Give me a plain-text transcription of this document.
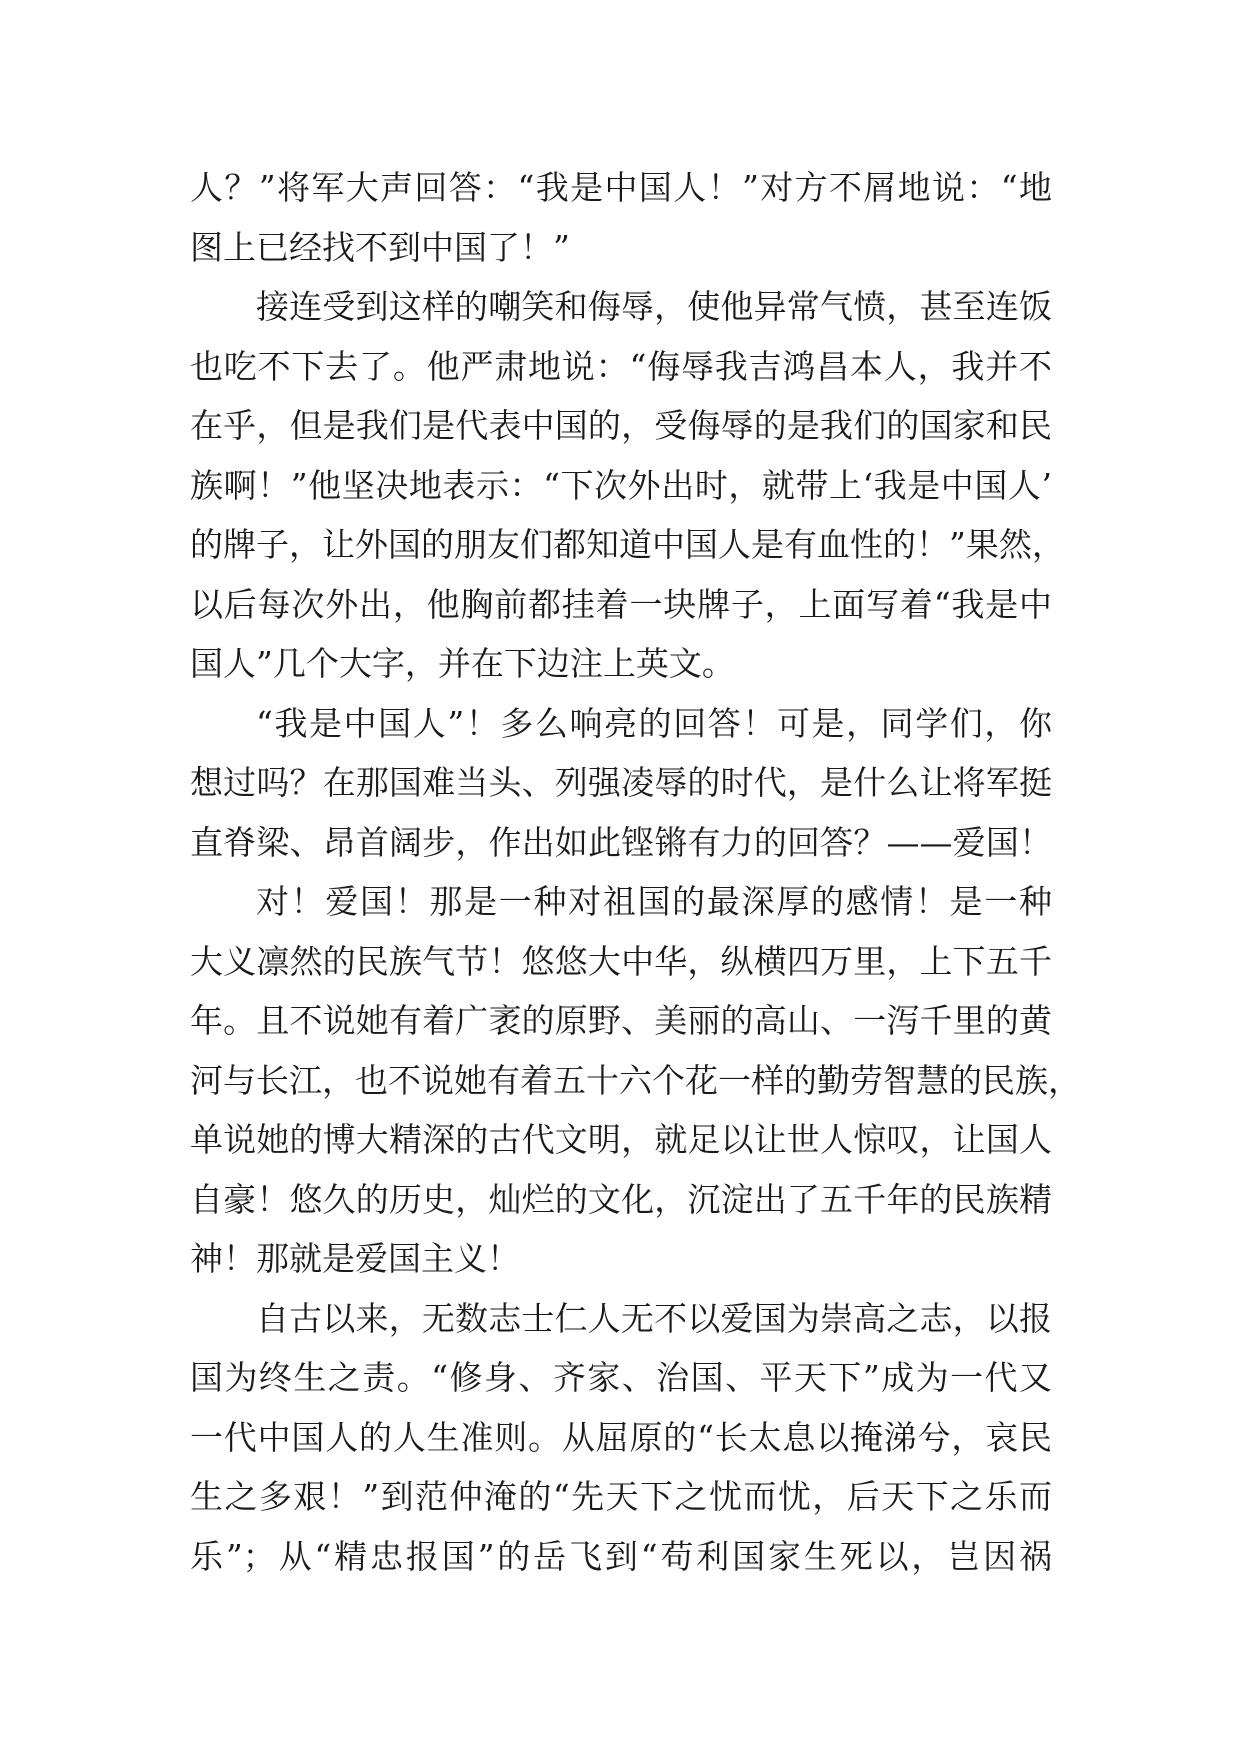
人？”将军大声回答：“我是中国人！”对方不屑地说：“地
图上已经找不到中国了！”
接连受到这样的嘲笑和侮辱，使他异常气愤，甚至连饭
也吃不下去了。他严肃地说：“侮辱我吉鸿昌本人，我并不
在乎，但是我们是代表中国的，受侮辱的是我们的国家和民
族啊！”他坚决地表示：“下次外出时，就带上‘我是中国人’
的牌子，让外国的朋友们都知道中国人是有血性的！”果然，
以后每次外出，他胸前都挂着一块牌子，上面写着“我是中
国人”几个大字，并在下边注上英文。
“我是中国人”！多么响亮的回答！可是，同学们，你
想过吗？在那国难当头、列强凌辱的时代，是什么让将军挺
直脊梁、昂首阔步，作出如此铿锵有力的回答？——爱国！
对！爱国！那是一种对祖国的最深厚的感情！是一种
大义凛然的民族气节！悠悠大中华，纵横四万里，上下五千
年。且不说她有着广袤的原野、美丽的高山、一泻千里的黄
河与长江，也不说她有着五十六个花一样的勤劳智慧的民族，
单说她的博大精深的古代文明，就足以让世人惊叹，让国人
自豪！悠久的历史，灿烂的文化，沉淀出了五千年的民族精
神！那就是爱国主义！
自古以来，无数志士仁人无不以爱国为崇高之志，以报
国为终生之责。“修身、齐家、治国、平天下”成为一代又
一代中国人的人生准则。从屈原的“长太息以掩涕兮，哀民
生之多艰！”到范仲淹的“先天下之忧而忧，后天下之乐而
乐”；从“精忠报国”的岳飞到“苟利国家生死以，岂因祸
